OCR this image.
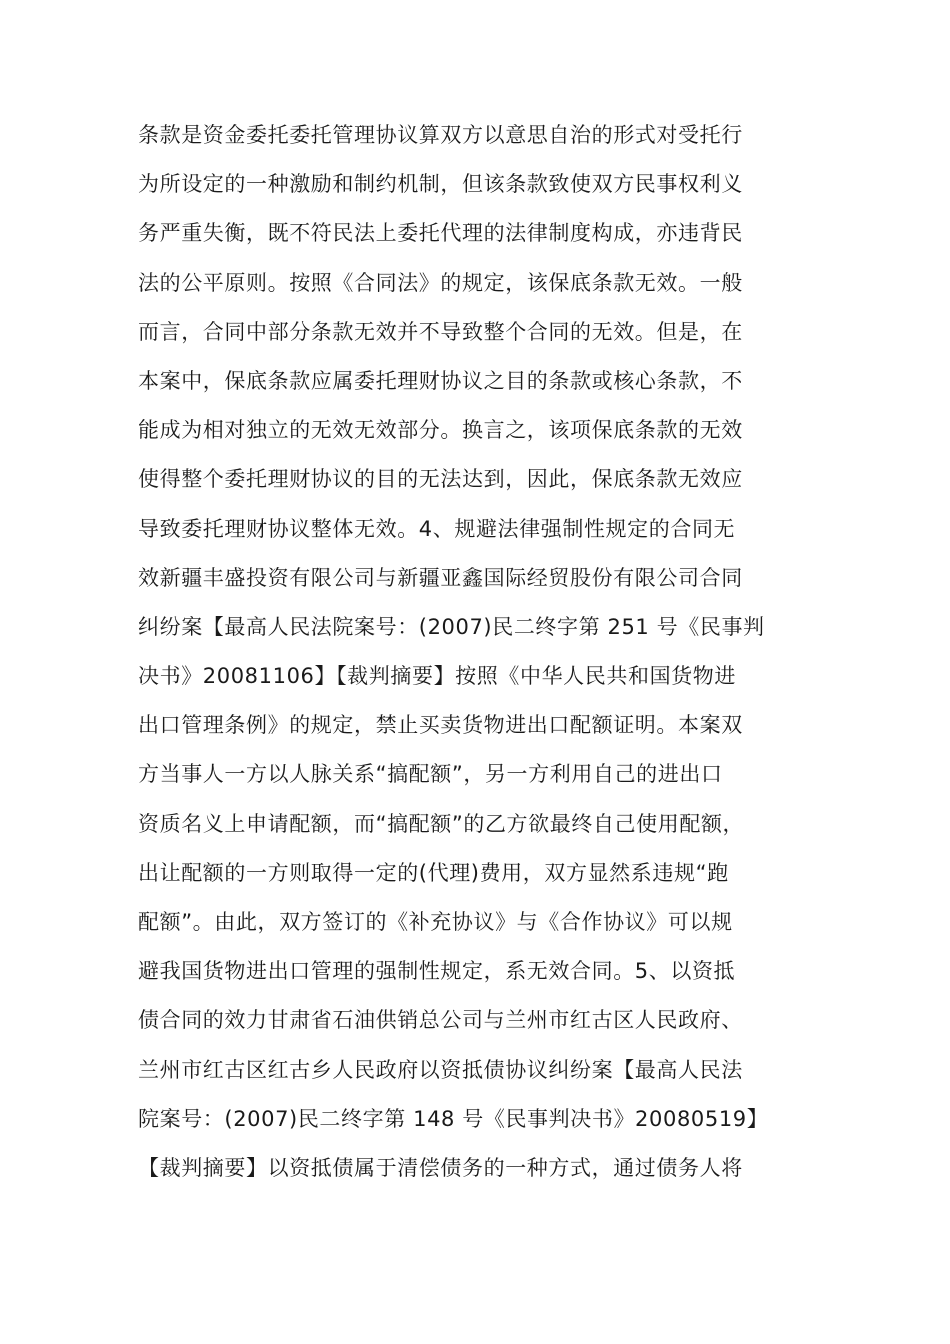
条款是资金委托委托管理协议算双方以意思自治的形式对受托行
为所设定的一种激励和制约机制，但该条款致使双方民事权利义
务严重失衡，既不符民法上委托代理的法律制度构成，亦违背民
法的公平原则。按照《合同法》的规定，该保底条款无效。一般
而言，合同中部分条款无效并不导致整个合同的无效。但是，在
本案中，保底条款应属委托理财协议之目的条款或核心条款，不
能成为相对独立的无效无效部分。换言之，该项保底条款的无效
使得整个委托理财协议的目的无法达到，因此，保底条款无效应
导致委托理财协议整体无效。4、规避法律强制性规定的合同无
效新疆丰盛投资有限公司与新疆亚鑫国际经贸股份有限公司合同
纠纷案【最高人民法院案号：(2007)民二终字第 251 号《民事判
决书》20081106】【裁判摘要】按照《中华人民共和国货物进
出口管理条例》的规定，禁止买卖货物进出口配额证明。本案双
方当事人一方以人脉关系“搞配额”，另一方利用自己的进出口
资质名义上申请配额，而“搞配额”的乙方欲最终自己使用配额，
出让配额的一方则取得一定的(代理)费用，双方显然系违规“跑
配额”。由此，双方签订的《补充协议》与《合作协议》可以规
避我国货物进出口管理的强制性规定，系无效合同。5、以资抵
债合同的效力甘肃省石油供销总公司与兰州市红古区人民政府、
兰州市红古区红古乡人民政府以资抵债协议纠纷案【最高人民法
院案号：(2007)民二终字第 148 号《民事判决书》20080519】
【裁判摘要】以资抵债属于清偿债务的一种方式，通过债务人将
